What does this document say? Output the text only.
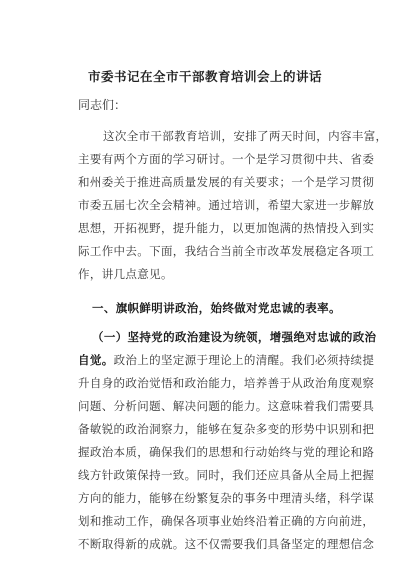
市委书记在全市干部教育培训会上的讲话
同志们：
这次全市干部教育培训，安排了两天时间，内容丰富，
主要有两个方面的学习研讨。一个是学习贯彻中共、省委
和州委关于推进高质量发展的有关要求；一个是学习贯彻
市委五届七次全会精神。通过培训，希望大家进一步解放
思想，开拓视野，提升能力，以更加饱满的热情投入到实
际工作中去。下面，我结合当前全市改革发展稳定各项工
作，讲几点意见。
一、旗帜鲜明讲政治，始终做对党忠诚的表率。
（一）坚持党的政治建设为统领，增强绝对忠诚的政治
自觉。政治上的坚定源于理论上的清醒。我们必须持续提
升自身的政治觉悟和政治能力，培养善于从政治角度观察
问题、分析问题、解决问题的能力。这意味着我们需要具
备敏锐的政治洞察力，能够在复杂多变的形势中识别和把
握政治本质，确保我们的思想和行动始终与党的理论和路
线方针政策保持一致。同时，我们还应具备从全局上把握
方向的能力，能够在纷繁复杂的事务中理清头绪，科学谋
划和推动工作，确保各项事业始终沿着正确的方向前进，
不断取得新的成就。这不仅需要我们具备坚定的理想信念
